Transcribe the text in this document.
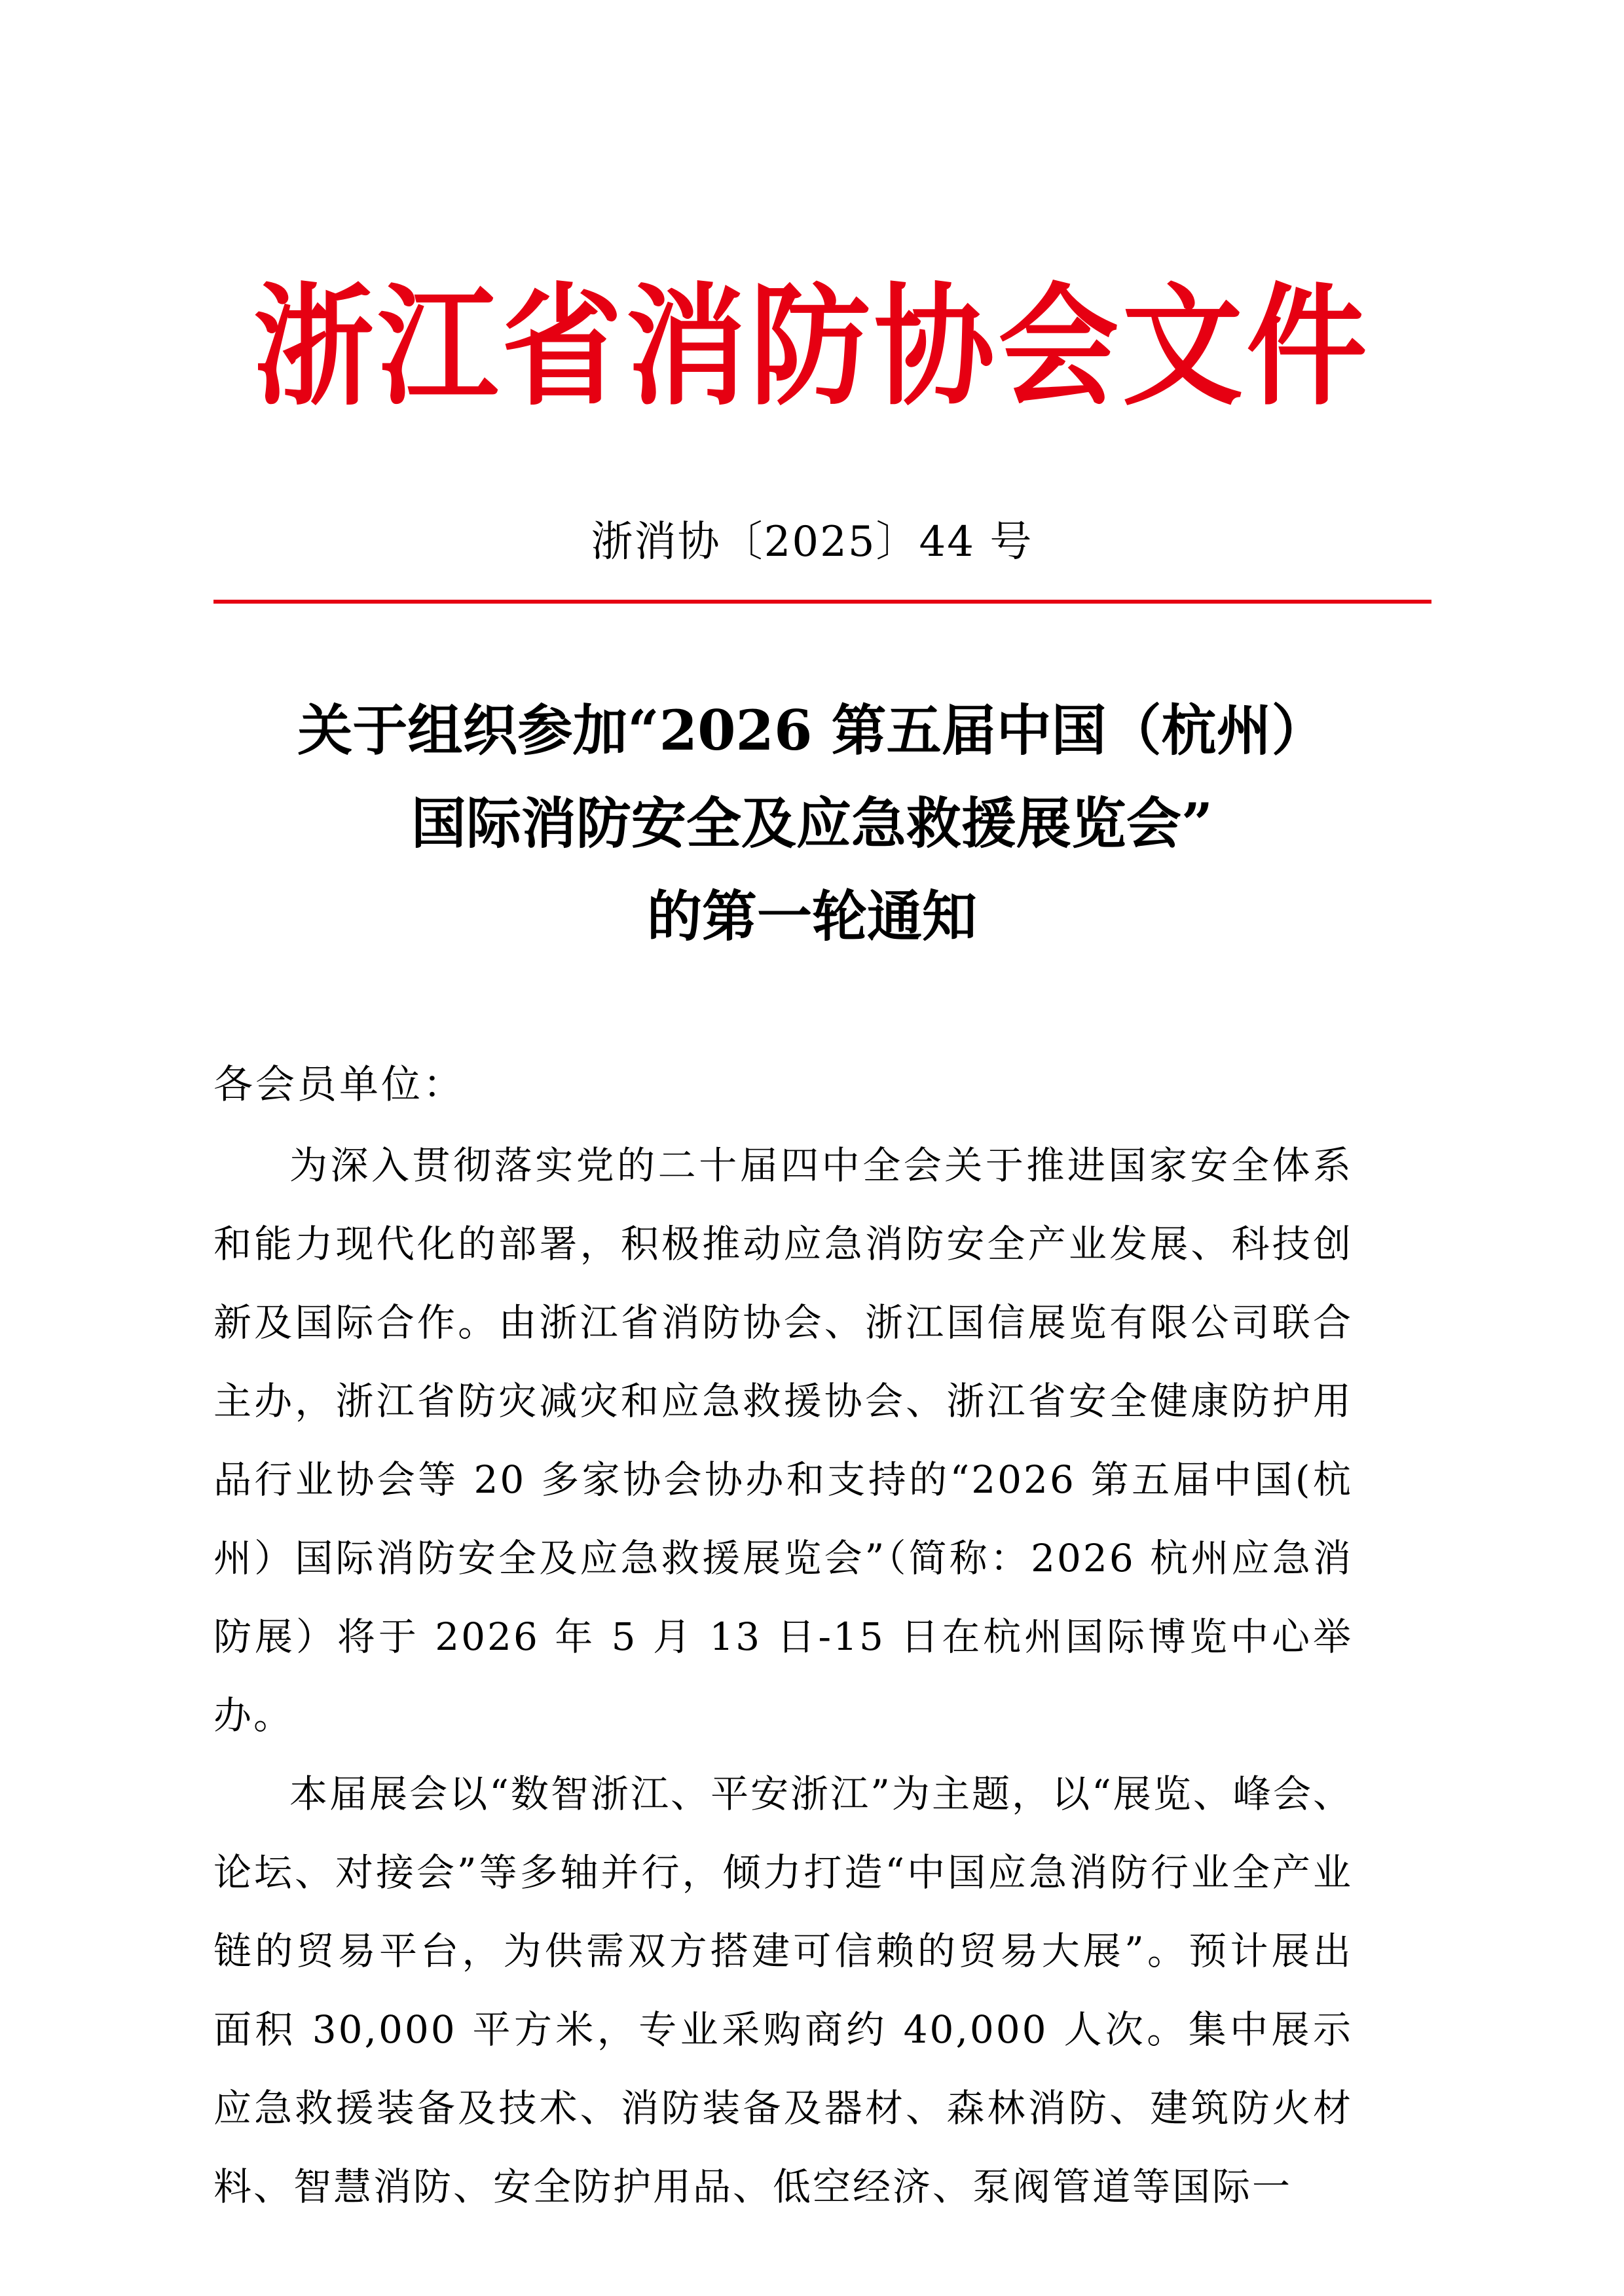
浙江省消防协会文件
浙消协〔2025〕44 号
关于组织参加“2026 第五届中国（杭州）
国际消防安全及应急救援展览会”
的第一轮通知
各会员单位：

为深入贯彻落实党的二十届四中全会关于推进国家安全体系和能力现代化的部署，积极推动应急消防安全产业发展、科技创新及国际合作。由浙江省消防协会、浙江国信展览有限公司联合主办，浙江省防灾减灾和应急救援协会、浙江省安全健康防护用品行业协会等 20 多家协会协办和支持的“2026 第五届中国(杭州）国际消防安全及应急救援展览会”（简称：2026 杭州应急消防展）将于 2026 年 5 月 13 日-15 日在杭州国际博览中心举办。

本届展会以“数智浙江、平安浙江”为主题，以“展览、峰会、论坛、对接会”等多轴并行，倾力打造“中国应急消防行业全产业链的贸易平台，为供需双方搭建可信赖的贸易大展”。预计展出面积 30,000 平方米，专业采购商约 40,000 人次。集中展示应急救援装备及技术、消防装备及器材、森林消防、建筑防火材料、智慧消防、安全防护用品、低空经济、泵阀管道等国际一
